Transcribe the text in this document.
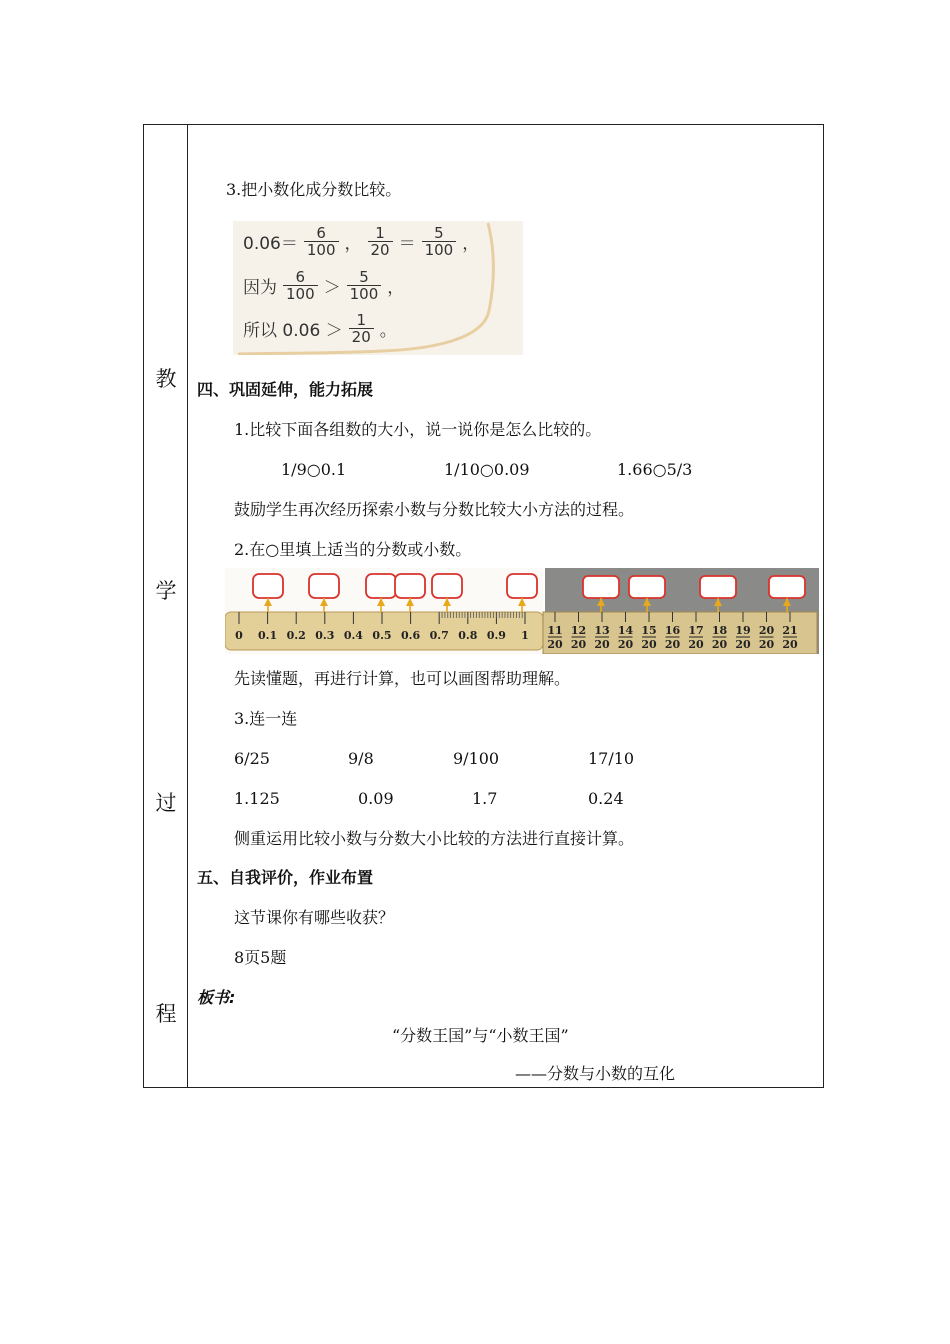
教
学
过
程
3.把小数化成分数比较。
$0.06= \frac{6}{100}$ ， $\frac{1}{20} = \frac{5}{100}$ ，
因为 $\frac{6}{100} > \frac{5}{100}$ ，
所以 $0.06 > \frac{1}{20}$ 。
四、巩固延伸，能力拓展
1.比较下面各组数的大小，说一说你是怎么比较的。
1/9○0.1	1/10○0.09	1.66○5/3
鼓励学生再次经历探索小数与分数比较大小方法的过程。
2.在○里填上适当的分数或小数。
0 0.1 0.2 0.3 0.4 0.5 0.6 0.7 0.8 0.9 1 11
20
12
20
13
20
14
20
15
20
16
20
17
20
18
20
19
20
20
20
21
20
先读懂题，再进行计算，也可以画图帮助理解。
3.连一连
6/25	9/8	9/100	17/10
1.125	0.09	1.7	0.24
侧重运用比较小数与分数大小比较的方法进行直接计算。
五、自我评价，作业布置
这节课你有哪些收获？
8页5题
板书:
“分数王国”与“小数王国”
——分数与小数的互化
